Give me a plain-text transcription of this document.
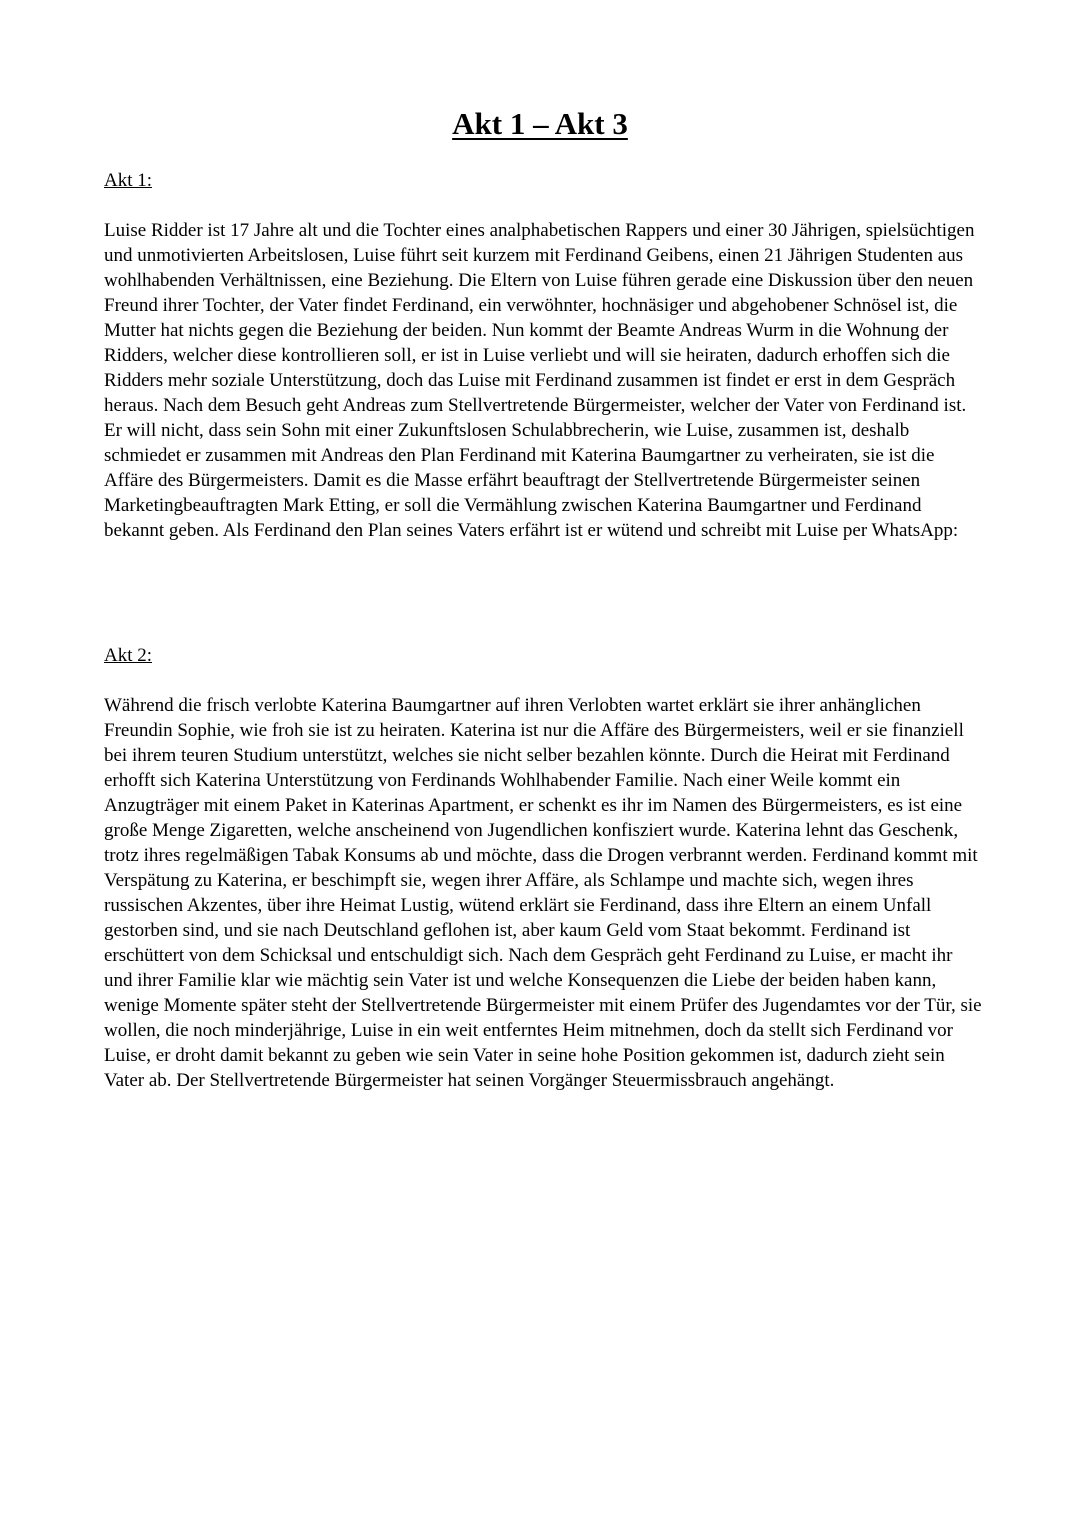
Akt 1 – Akt 3

Akt 1:

Luise Ridder ist 17 Jahre alt und die Tochter eines analphabetischen Rappers und einer 30 Jährigen, spielsüchtigen und unmotivierten Arbeitslosen, Luise führt seit kurzem mit Ferdinand Geibens, einen 21 Jährigen Studenten aus wohlhabenden Verhältnissen, eine Beziehung. Die Eltern von Luise führen gerade eine Diskussion über den neuen Freund ihrer Tochter, der Vater findet Ferdinand, ein verwöhnter, hochnäsiger und abgehobener Schnösel ist, die Mutter hat nichts gegen die Beziehung der beiden. Nun kommt der Beamte Andreas Wurm in die Wohnung der Ridders, welcher diese kontrollieren soll, er ist in Luise verliebt und will sie heiraten, dadurch erhoffen sich die Ridders mehr soziale Unterstützung, doch das Luise mit Ferdinand zusammen ist findet er erst in dem Gespräch heraus. Nach dem Besuch geht Andreas zum Stellvertretende Bürgermeister, welcher der Vater von Ferdinand ist. Er will nicht, dass sein Sohn mit einer Zukunftslosen Schulabbrecherin, wie Luise, zusammen ist, deshalb schmiedet er zusammen mit Andreas den Plan Ferdinand mit Katerina Baumgartner zu verheiraten, sie ist die Affäre des Bürgermeisters. Damit es die Masse erfährt beauftragt der Stellvertretende Bürgermeister seinen Marketingbeauftragten Mark Etting, er soll die Vermählung zwischen Katerina Baumgartner und Ferdinand bekannt geben. Als Ferdinand den Plan seines Vaters erfährt ist er wütend und schreibt mit Luise per WhatsApp:

Akt 2:

Während die frisch verlobte Katerina Baumgartner auf ihren Verlobten wartet erklärt sie ihrer anhänglichen Freundin Sophie, wie froh sie ist zu heiraten. Katerina ist nur die Affäre des Bürgermeisters, weil er sie finanziell bei ihrem teuren Studium unterstützt, welches sie nicht selber bezahlen könnte. Durch die Heirat mit Ferdinand erhofft sich Katerina Unterstützung von Ferdinands Wohlhabender Familie. Nach einer Weile kommt ein Anzugträger mit einem Paket in Katerinas Apartment, er schenkt es ihr im Namen des Bürgermeisters, es ist eine große Menge Zigaretten, welche anscheinend von Jugendlichen konfisziert wurde. Katerina lehnt das Geschenk, trotz ihres regelmäßigen Tabak Konsums ab und möchte, dass die Drogen verbrannt werden. Ferdinand kommt mit Verspätung zu Katerina, er beschimpft sie, wegen ihrer Affäre, als Schlampe und machte sich, wegen ihres russischen Akzentes, über ihre Heimat Lustig, wütend erklärt sie Ferdinand, dass ihre Eltern an einem Unfall gestorben sind, und sie nach Deutschland geflohen ist, aber kaum Geld vom Staat bekommt. Ferdinand ist erschüttert von dem Schicksal und entschuldigt sich. Nach dem Gespräch geht Ferdinand zu Luise, er macht ihr und ihrer Familie klar wie mächtig sein Vater ist und welche Konsequenzen die Liebe der beiden haben kann, wenige Momente später steht der Stellvertretende Bürgermeister mit einem Prüfer des Jugendamtes vor der Tür, sie wollen, die noch minderjährige, Luise in ein weit entferntes Heim mitnehmen, doch da stellt sich Ferdinand vor Luise, er droht damit bekannt zu geben wie sein Vater in seine hohe Position gekommen ist, dadurch zieht sein Vater ab. Der Stellvertretende Bürgermeister hat seinen Vorgänger Steuermissbrauch angehängt.
